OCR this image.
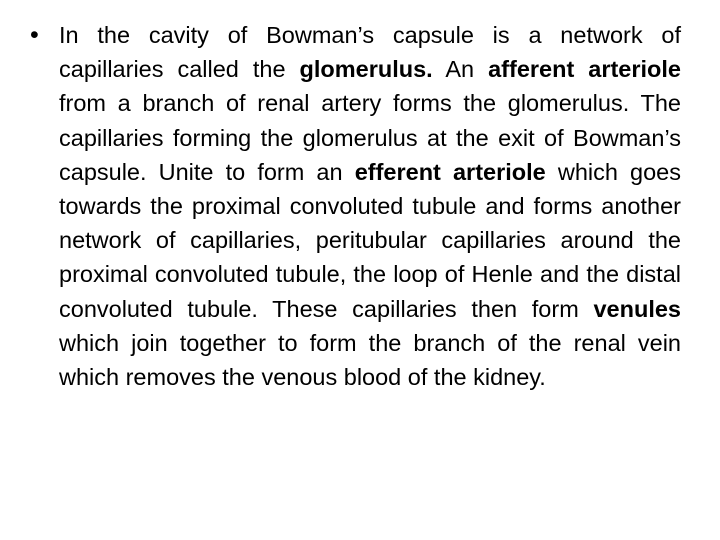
• In the cavity of Bowman’s capsule is a network of capillaries called the glomerulus. An afferent arteriole from a branch of renal artery forms the glomerulus. The capillaries forming the glomerulus at the exit of Bowman’s capsule. Unite to form an efferent arteriole which goes towards the proximal convoluted tubule and forms another network of capillaries, peritubular capillaries around the proximal convoluted tubule, the loop of Henle and the distal convoluted tubule. These capillaries then form venules which join together to form the branch of the renal vein which removes the venous blood of the kidney.
